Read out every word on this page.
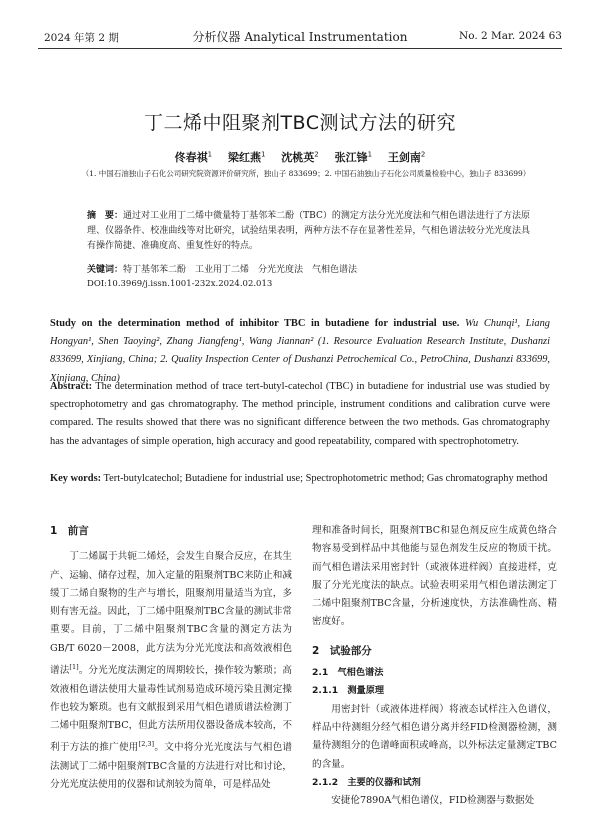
2024 年第 2 期	分析仪器 Analytical Instrumentation	No. 2 Mar. 2024 63
丁二烯中阻聚剂TBC测试方法的研究
佟春祺$^1$ 梁红燕$^1$ 沈桃英$^2$ 张江锋$^1$ 王剑南$^2$
（1. 中国石油独山子石化公司研究院资源评价研究所，独山子 833699；2. 中国石油独山子石化公司质量检验中心，独山子 833699）
摘　要：通过对工业用丁二烯中微量特丁基邻苯二酚（TBC）的测定方法分光光度法和气相色谱法进行了方法原理、仪器条件、校准曲线等对比研究，试验结果表明，两种方法不存在显著性差异，气相色谱法较分光光度法具有操作简捷、准确度高、重复性好的特点。
关键词：特丁基邻苯二酚　工业用丁二烯　分光光度法　气相色谱法
DOI:10.3969/j.issn.1001-232x.2024.02.013
Study on the determination method of inhibitor TBC in butadiene for industrial use. Wu Chunqi¹, Liang Hongyan¹, Shen Taoying², Zhang Jiangfeng¹, Wang Jiannan² (1. Resource Evaluation Research Institute, Dushanzi 833699, Xinjiang, China; 2. Quality Inspection Center of Dushanzi Petrochemical Co., PetroChina, Dushanzi 833699, Xinjiang, China)
Abstract: The determination method of trace tert-butyl-catechol (TBC) in butadiene for industrial use was studied by spectrophotometry and gas chromatography. The method principle, instrument conditions and calibration curve were compared. The results showed that there was no significant difference between the two methods. Gas chromatography has the advantages of simple operation, high accuracy and good repeatability, compared with spectrophotometry.
Key words: Tert-butylcatechol; Butadiene for industrial use; Spectrophotometric method; Gas chromatography method
1　前言

丁二烯属于共轭二烯烃，会发生自聚合反应，在其生产、运输、储存过程，加入定量的阻聚剂TBC来防止和减缓丁二烯自聚物的生产与增长，阻聚剂用量适当为宜，多则有害无益。因此，丁二烯中阻聚剂TBC含量的测试非常重要。目前，丁二烯中阻聚剂TBC含量的测定方法为GB/T 6020－2008，此方法为分光光度法和高效液相色谱法[1]。分光光度法测定的周期较长，操作较为繁琐；高效液相色谱法使用大量毒性试剂易造成环境污染且测定操作也较为繁琐。也有文献报到采用气相色谱质谱法检测丁二烯中阻聚剂TBC，但此方法所用仪器设备成本较高，不利于方法的推广使用[2,3]。文中将分光光度法与气相色谱法测试丁二烯中阻聚剂TBC含量的方法进行对比和讨论，分光光度法使用的仪器和试剂较为简单，可是样品处

理和准备时间长，阻聚剂TBC和显色剂反应生成黄色络合物容易受到样品中其他能与显色剂发生反应的物质干扰。而气相色谱法采用密封针（或液体进样阀）直接进样，克服了分光光度法的缺点。试验表明采用气相色谱法测定丁二烯中阻聚剂TBC含量，分析速度快，方法准确性高、精密度好。

2　试验部分
2.1　气相色谱法
2.1.1　测量原理

用密封针（或液体进样阀）将液态试样注入色谱仪，样品中待测组分经气相色谱分离并经FID检测器检测，测量待测组分的色谱峰面积或峰高，以外标法定量测定TBC的含量。

2.1.2　主要的仪器和试剂

安捷伦7890A气相色谱仪，FID检测器与数据处
